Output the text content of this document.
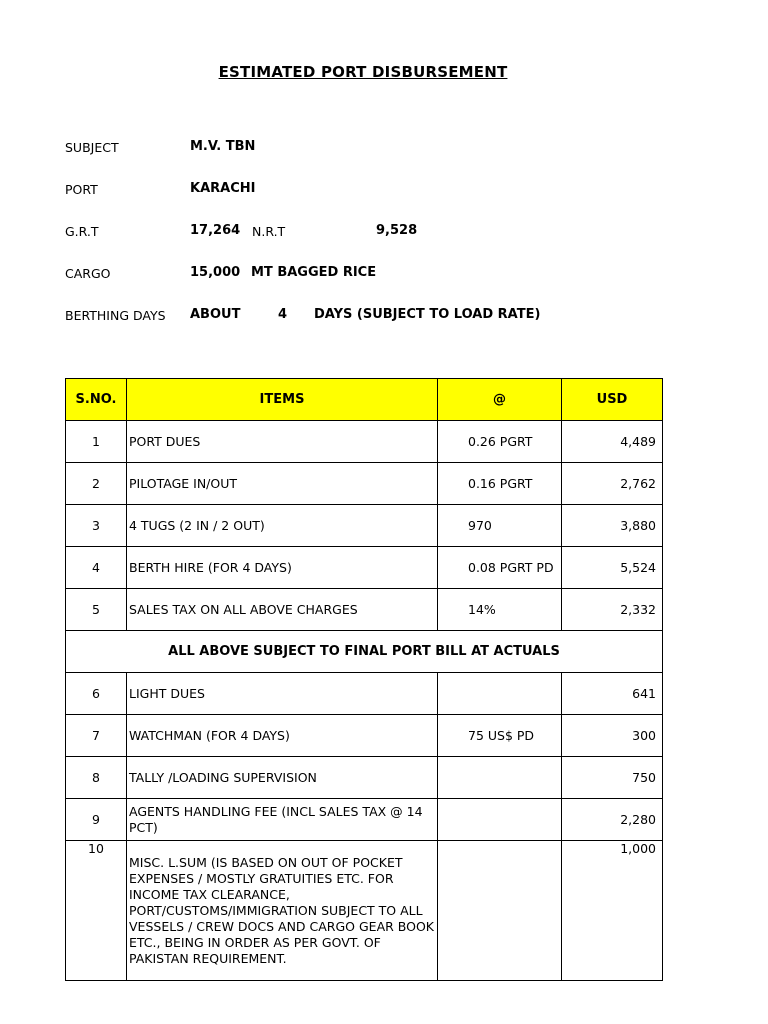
ESTIMATED PORT DISBURSEMENT
SUBJECT	M.V. TBN
PORT	KARACHI
G.R.T	17,264 N.R.T	9,528
CARGO	15,000 MT BAGGED RICE
BERTHING DAYS ABOUT	4 DAYS (SUBJECT TO LOAD RATE)
S.NO.	ITEMS	@	USD
1	PORT DUES	0.26 PGRT	4,489
2	PILOTAGE IN/OUT	0.16 PGRT	2,762
3	4 TUGS (2 IN / 2 OUT)	970	3,880
4	BERTH HIRE (FOR 4 DAYS)	0.08 PGRT PD	5,524
5	SALES TAX ON ALL ABOVE CHARGES	14%	2,332
ALL ABOVE SUBJECT TO FINAL PORT BILL AT ACTUALS			
6	LIGHT DUES		641
7	WATCHMAN (FOR 4 DAYS)	75 US$ PD	300
8	TALLY /LOADING SUPERVISION		750
9	AGENTS HANDLING FEE (INCL SALES TAX @ 14 PCT)		2,280
10	MISC. L.SUM (IS BASED ON OUT OF POCKET EXPENSES / MOSTLY GRATUITIES ETC. FOR INCOME TAX CLEARANCE, PORT/CUSTOMS/IMMIGRATION SUBJECT TO ALL VESSELS / CREW DOCS AND CARGO GEAR BOOK ETC., BEING IN ORDER AS PER GOVT. OF PAKISTAN REQUIREMENT.		1,000
